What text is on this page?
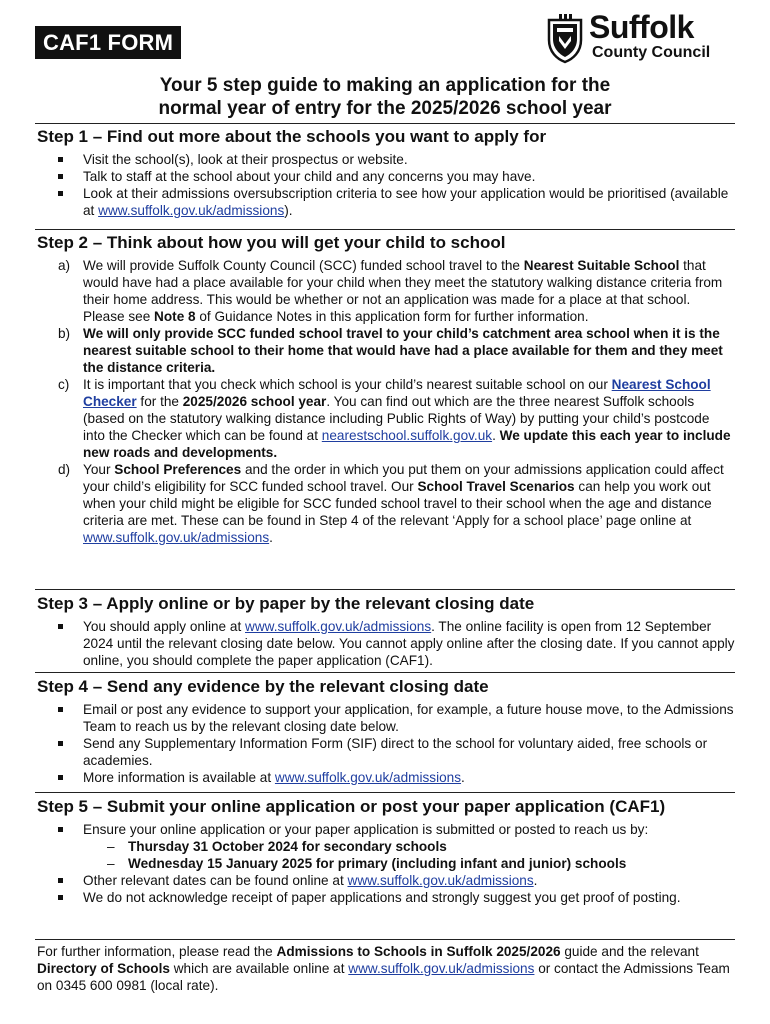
CAF1 FORM	Suffolk
County Council
Your 5 step guide to making an application for the
normal year of entry for the 2025/2026 school year
Step 1 – Find out more about the schools you want to apply for
Visit the school(s), look at their prospectus or website.
Talk to staff at the school about your child and any concerns you may have.
Look at their admissions oversubscription criteria to see how your application would be prioritised (available at www.suffolk.gov.uk/admissions).
Step 2 – Think about how you will get your child to school
a) We will provide Suffolk County Council (SCC) funded school travel to the Nearest Suitable School that would have had a place available for your child when they meet the statutory walking distance criteria from their home address. This would be whether or not an application was made for a place at that school. Please see Note 8 of Guidance Notes in this application form for further information.
b) We will only provide SCC funded school travel to your child’s catchment area school when it is the nearest suitable school to their home that would have had a place available for them and they meet the distance criteria.
c) It is important that you check which school is your child’s nearest suitable school on our Nearest School Checker for the 2025/2026 school year. You can find out which are the three nearest Suffolk schools (based on the statutory walking distance including Public Rights of Way) by putting your child’s postcode into the Checker which can be found at nearestschool.suffolk.gov.uk. We update this each year to include new roads and developments.
d) Your School Preferences and the order in which you put them on your admissions application could affect your child’s eligibility for SCC funded school travel. Our School Travel Scenarios can help you work out when your child might be eligible for SCC funded school travel to their school when the age and distance criteria are met. These can be found in Step 4 of the relevant ‘Apply for a school place’ page online at www.suffolk.gov.uk/admissions.
Step 3 – Apply online or by paper by the relevant closing date
You should apply online at www.suffolk.gov.uk/admissions. The online facility is open from 12 September 2024 until the relevant closing date below. You cannot apply online after the closing date. If you cannot apply online, you should complete the paper application (CAF1).
Step 4 – Send any evidence by the relevant closing date
Email or post any evidence to support your application, for example, a future house move, to the Admissions Team to reach us by the relevant closing date below.
Send any Supplementary Information Form (SIF) direct to the school for voluntary aided, free schools or academies.
More information is available at www.suffolk.gov.uk/admissions.
Step 5 – Submit your online application or post your paper application (CAF1)
Ensure your online application or your paper application is submitted or posted to reach us by:
– Thursday 31 October 2024 for secondary schools
– Wednesday 15 January 2025 for primary (including infant and junior) schools
Other relevant dates can be found online at www.suffolk.gov.uk/admissions.
We do not acknowledge receipt of paper applications and strongly suggest you get proof of posting.
For further information, please read the Admissions to Schools in Suffolk 2025/2026 guide and the relevant Directory of Schools which are available online at www.suffolk.gov.uk/admissions or contact the Admissions Team on 0345 600 0981 (local rate).
